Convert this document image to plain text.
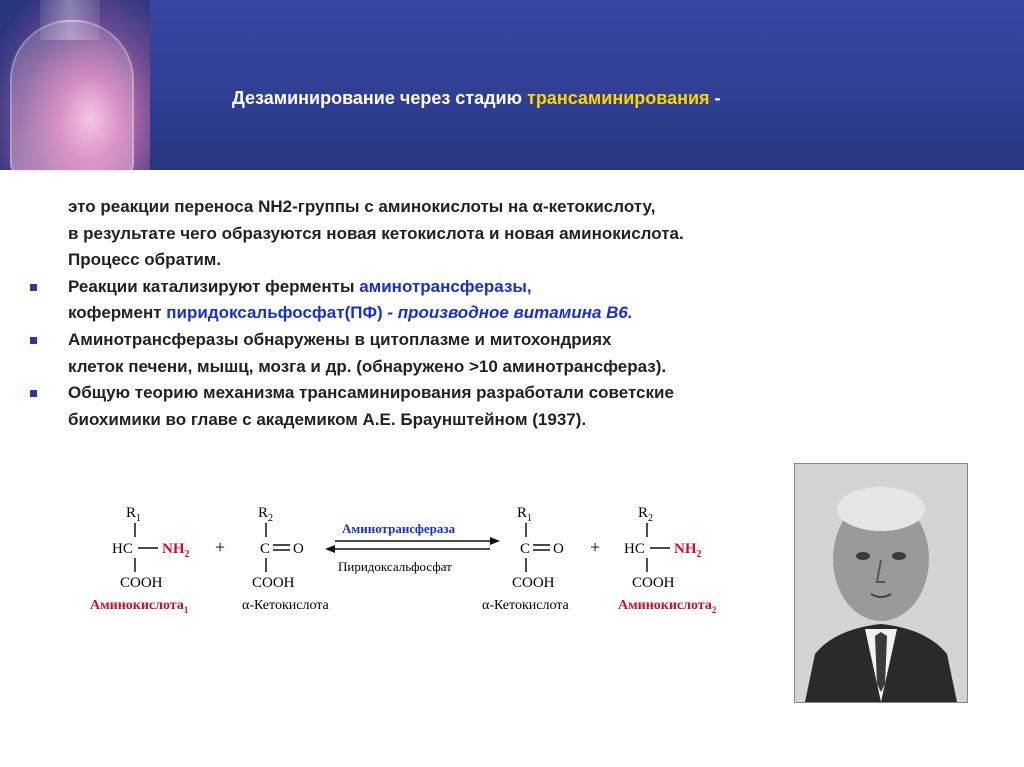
Дезаминирование через стадию трансаминирования -
это реакции переноса NH2-группы с аминокислоты на α-кетокислоту,
в результате чего образуются новая кетокислота и новая аминокислота.
Процесс обратим.
Реакции катализируют ферменты аминотрансферазы,
кофермент пиридоксальфосфат(ПФ) - производное витамина В6.
Аминотрансферазы обнаружены в цитоплазме и митохондриях
клеток печени, мышц, мозга и др. (обнаружено >10 аминотрансфераз).
Общую теорию механизма трансаминирования разработали советские
биохимики во главе с академиком А.Е. Браунштейном (1937).
$R_1$
HC $NH_2$
COOH
Аминокислота$_1$
+
$R_2$
C O
COOH
α-Кетокислота
Аминотрансфераза
Пиридоксальфосфат
$R_1$
C O
COOH
α-Кетокислота
+
$R_2$
HC $NH_2$
COOH
Аминокислота$_2$
